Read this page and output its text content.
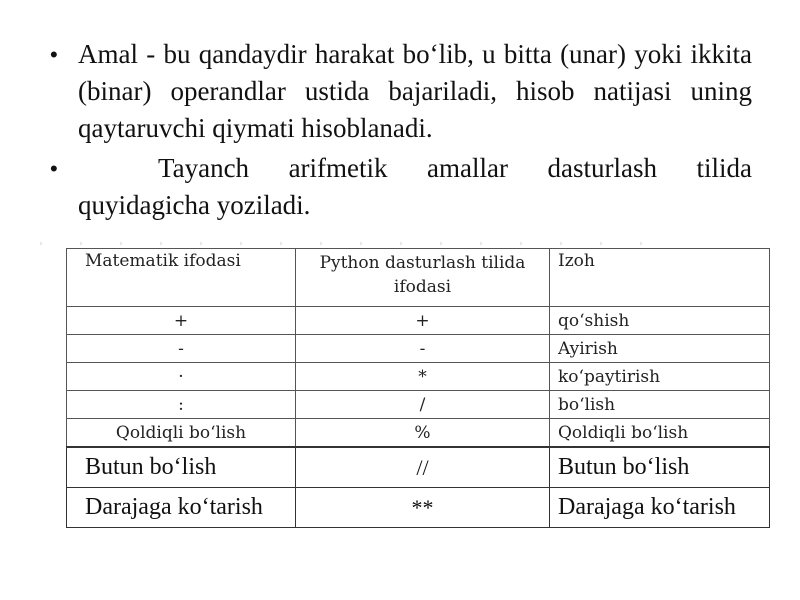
• Amal - bu qandaydir harakat bo‘lib, u bitta (unar) yoki ikkita (binar) operandlar ustida bajariladi, hisob natijasi uning qaytaruvchi qiymati hisoblanadi.
•	Tayanch arifmetik amallar dasturlash tilida quyidagicha yoziladi.
Matematik ifodasi	Python dasturlash tilida ifodasi	Izoh
+	+	qo‘shish
-	-	Ayirish
·	*	ko‘paytirish
:	/	bo‘lish
Qoldiqli bo‘lish	%	Qoldiqli bo‘lish
Butun bo‘lish	//	Butun bo‘lish
Darajaga ko‘tarish	**	Darajaga ko‘tarish
